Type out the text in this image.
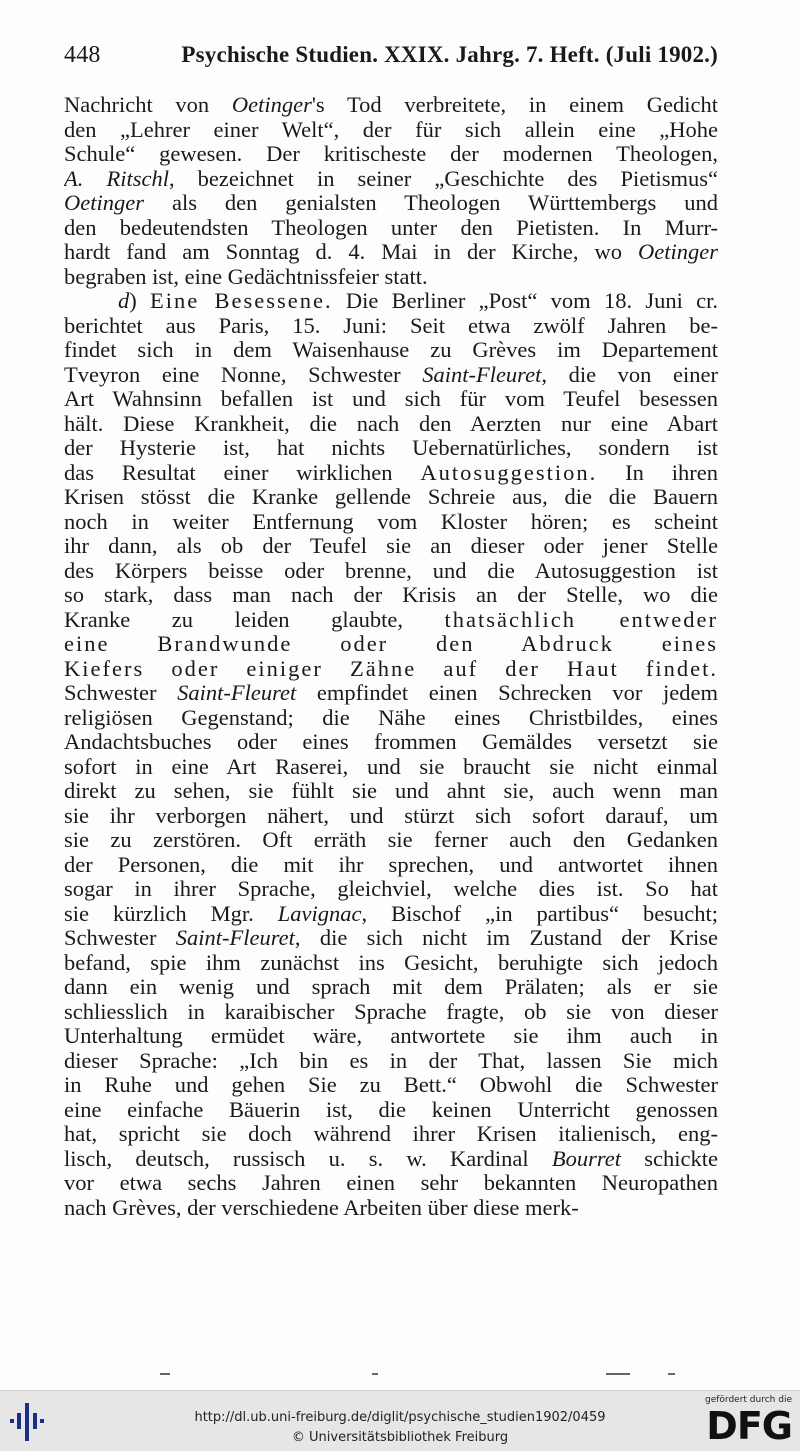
448	Psychische Studien. XXIX. Jahrg. 7. Heft. (Juli 1902.)
Nachricht von Oetinger's Tod verbreitete, in einem Gedicht
den „Lehrer einer Welt“, der für sich allein eine „Hohe
Schule“ gewesen. Der kritischeste der modernen Theologen,
A. Ritschl, bezeichnet in seiner „Geschichte des Pietismus“
Oetinger als den genialsten Theologen Württembergs und
den bedeutendsten Theologen unter den Pietisten. In Murr-
hardt fand am Sonntag d. 4. Mai in der Kirche, wo Oetinger
begraben ist, eine Gedächtnissfeier statt.
d) Eine Besessene. Die Berliner „Post“ vom 18. Juni cr.
berichtet aus Paris, 15. Juni: Seit etwa zwölf Jahren be-
findet sich in dem Waisenhause zu Grèves im Departement
Tveyron eine Nonne, Schwester Saint-Fleuret, die von einer
Art Wahnsinn befallen ist und sich für vom Teufel besessen
hält. Diese Krankheit, die nach den Aerzten nur eine Abart
der Hysterie ist, hat nichts Uebernatürliches, sondern ist
das Resultat einer wirklichen Autosuggestion. In ihren
Krisen stösst die Kranke gellende Schreie aus, die die Bauern
noch in weiter Entfernung vom Kloster hören; es scheint
ihr dann, als ob der Teufel sie an dieser oder jener Stelle
des Körpers beisse oder brenne, und die Autosuggestion ist
so stark, dass man nach der Krisis an der Stelle, wo die
Kranke zu leiden glaubte, thatsächlich entweder
eine Brandwunde oder den Abdruck eines
Kiefers oder einiger Zähne auf der Haut findet.
Schwester Saint-Fleuret empfindet einen Schrecken vor jedem
religiösen Gegenstand; die Nähe eines Christbildes, eines
Andachtsbuches oder eines frommen Gemäldes versetzt sie
sofort in eine Art Raserei, und sie braucht sie nicht einmal
direkt zu sehen, sie fühlt sie und ahnt sie, auch wenn man
sie ihr verborgen nähert, und stürzt sich sofort darauf, um
sie zu zerstören. Oft erräth sie ferner auch den Gedanken
der Personen, die mit ihr sprechen, und antwortet ihnen
sogar in ihrer Sprache, gleichviel, welche dies ist. So hat
sie kürzlich Mgr. Lavignac, Bischof „in partibus“ besucht;
Schwester Saint-Fleuret, die sich nicht im Zustand der Krise
befand, spie ihm zunächst ins Gesicht, beruhigte sich jedoch
dann ein wenig und sprach mit dem Prälaten; als er sie
schliesslich in karaibischer Sprache fragte, ob sie von dieser
Unterhaltung ermüdet wäre, antwortete sie ihm auch in
dieser Sprache: „Ich bin es in der That, lassen Sie mich
in Ruhe und gehen Sie zu Bett.“ Obwohl die Schwester
eine einfache Bäuerin ist, die keinen Unterricht genossen
hat, spricht sie doch während ihrer Krisen italienisch, eng-
lisch, deutsch, russisch u. s. w. Kardinal Bourret schickte
vor etwa sechs Jahren einen sehr bekannten Neuropathen
nach Grèves, der verschiedene Arbeiten über diese merk-
http://dl.ub.uni-freiburg.de/diglit/psychische_studien1902/0459
© Universitätsbibliothek Freiburg
gefördert durch die
DFG
